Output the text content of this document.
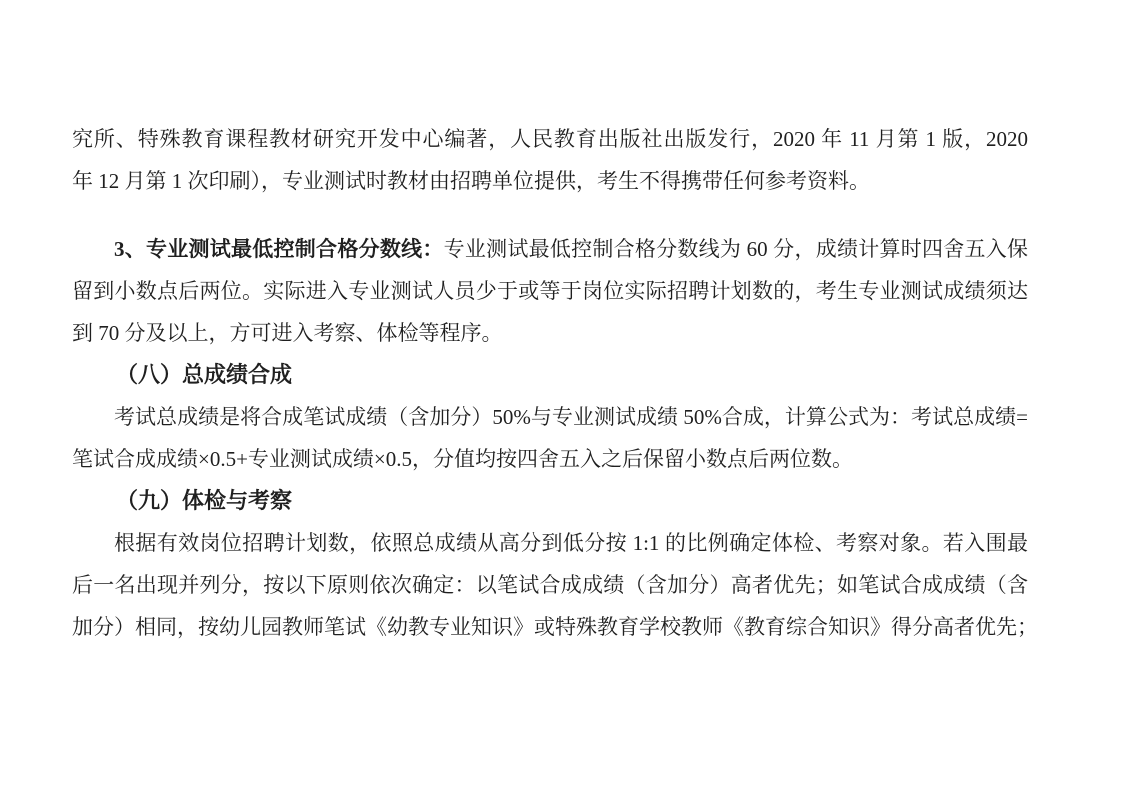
究所、特殊教育课程教材研究开发中心编著，人民教育出版社出版发行，2020 年 11 月第 1 版，2020
年 12 月第 1 次印刷），专业测试时教材由招聘单位提供，考生不得携带任何参考资料。
3、专业测试最低控制合格分数线：专业测试最低控制合格分数线为 60 分，成绩计算时四舍五入保
留到小数点后两位。实际进入专业测试人员少于或等于岗位实际招聘计划数的，考生专业测试成绩须达
到 70 分及以上，方可进入考察、体检等程序。
（八）总成绩合成
考试总成绩是将合成笔试成绩（含加分）50%与专业测试成绩 50%合成，计算公式为：考试总成绩=
笔试合成成绩×0.5+专业测试成绩×0.5，分值均按四舍五入之后保留小数点后两位数。
（九）体检与考察
根据有效岗位招聘计划数，依照总成绩从高分到低分按 1:1 的比例确定体检、考察对象。若入围最
后一名出现并列分，按以下原则依次确定：以笔试合成成绩（含加分）高者优先；如笔试合成成绩（含
加分）相同，按幼儿园教师笔试《幼教专业知识》或特殊教育学校教师《教育综合知识》得分高者优先；
